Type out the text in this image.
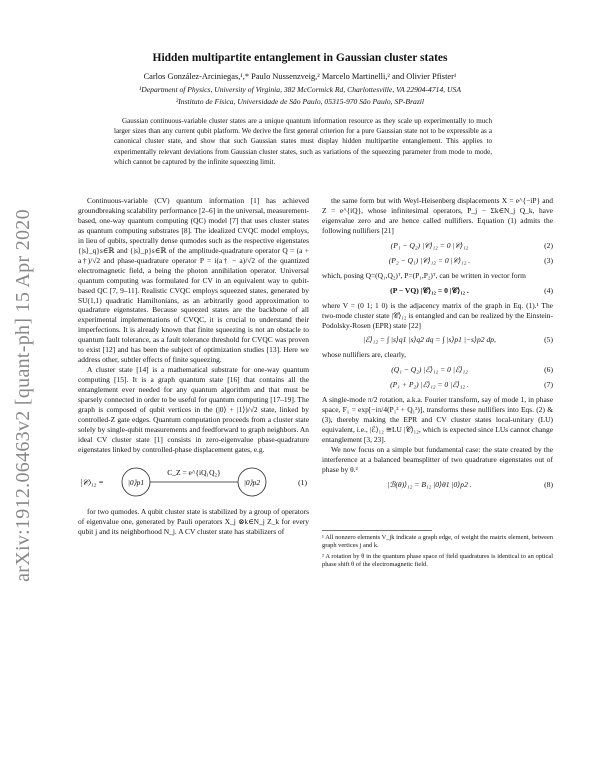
arXiv:1912.06463v2 [quant-ph] 15 Apr 2020
Hidden multipartite entanglement in Gaussian cluster states
Carlos González-Arciniegas,¹,* Paulo Nussenzveig,² Marcelo Martinelli,² and Olivier Pfister¹
¹Department of Physics, University of Virginia, 382 McCormick Rd, Charlottesville, VA 22904-4714, USA
²Instituto de Física, Universidade de São Paulo, 05315-970 São Paulo, SP-Brazil
Gaussian continuous-variable cluster states are a unique quantum information resource as they scale up experimentally to much larger sizes than any current qubit platform. We derive the first general criterion for a pure Gaussian state not to be expressible as a canonical cluster state, and show that such Gaussian states must display hidden multipartite entanglement. This applies to experimentally relevant deviations from Gaussian cluster states, such as variations of the squeezing parameter from mode to mode, which cannot be captured by the infinite squeezing limit.

Continuous-variable (CV) quantum information [1] has achieved groundbreaking scalability performance [2–6] in the universal, measurement-based, one-way quantum computing (QC) model [7] that uses cluster states as quantum computing substrates [8]. The idealized CVQC model employs, in lieu of qubits, spectrally dense qumodes such as the respective eigenstates {|s⟩_q}s∈ℝ and {|s⟩_p}s∈ℝ of the amplitude-quadrature operator Q = (a + a†)/√2 and phase-quadrature operator P = i(a† − a)/√2 of the quantized electromagnetic field, a being the photon annihilation operator. Universal quantum computing was formulated for CV in an equivalent way to qubit-based QC [7, 9–11]. Realistic CVQC employs squeezed states, generated by SU(1,1) quadratic Hamiltonians, as an arbitrarily good approximation to quadrature eigenstates. Because squeezed states are the backbone of all experimental implementations of CVQC, it is crucial to understand their imperfections. It is already known that finite squeezing is not an obstacle to quantum fault tolerance, as a fault tolerance threshold for CVQC was proven to exist [12] and has been the subject of optimization studies [13]. Here we address other, subtler effects of finite squeezing.

A cluster state [14] is a mathematical substrate for one-way quantum computing [15]. It is a graph quantum state [16] that contains all the entanglement ever needed for any quantum algorithm and that must be sparsely connected in order to be useful for quantum computing [17–19]. The graph is composed of qubit vertices in the (|0⟩ + |1⟩)/√2 state, linked by controlled-Z gate edges. Quantum computation proceeds from a cluster state solely by single-qubit measurements and feedforward to graph neighbors. An ideal CV cluster state [1] consists in zero-eigenvalue phase-quadrature eigenstates linked by controlled-phase displacement gates, e.g.

|𝒞⟩₁₂ =	|0⟩p1
C_Z = e^{iQ₁Q₂}
|0⟩p2	(1)

for two qumodes. A qubit cluster state is stabilized by a group of operators of eigenvalue one, generated by Pauli operators X_j ⊗k∈N_j Z_k for every qubit j and its neighborhood N_j. A CV cluster state has stabilizers of

the same form but with Weyl-Heisenberg displacements X = e^{−iP} and Z = e^{iQ}, whose infinitesimal operators, P_j − Σk∈N_j Q_k, have eigenvalue zero and are hence called nullifiers. Equation (1) admits the following nullifiers [21]

(P₁ − Q₂) |𝒞⟩₁₂ = 0 |𝒞⟩₁₂	(2)
(P₂ − Q₁) |𝒞⟩₁₂ = 0 |𝒞⟩₁₂ .	(3)

which, posing Q=(Q₁,Q₂)ᵀ, P=(P₁,P₂)ᵀ, can be written in vector form

(P − VQ) |𝒞⟩₁₂ = 0 |𝒞⟩₁₂ .	(4)

where V = (0 1; 1 0) is the adjacency matrix of the graph in Eq. (1).¹ The two-mode cluster state |𝒞⟩₁₂ is entangled and can be realized by the Einstein-Podolsky-Rosen (EPR) state [22]

|ℰ⟩₁₂ = ∫ |s⟩q1 |s⟩q2 dq = ∫ |s⟩p1 |−s⟩p2 dp,	(5)

whose nullifiers are, clearly,

(Q₁ − Q₂) |ℰ⟩₁₂ = 0 |ℰ⟩₁₂	(6)
(P₁ + P₂) |ℰ⟩₁₂ = 0 |ℰ⟩₁₂ .	(7)

A single-mode π/2 rotation, a.k.a. Fourier transform, say of mode 1, in phase space, F₁ = exp[−iπ/4(P₁² + Q₁²)], transforms these nullifiers into Eqs. (2) & (3), thereby making the EPR and CV cluster states local-unitary (LU) equivalent, i.e., |ℰ⟩₁₂ ≅LU |𝒞⟩₁₂, which is expected since LUs cannot change entanglement [3, 23].

We now focus on a simple but fundamental case: the state created by the interference at a balanced beamsplitter of two quadrature eigenstates out of phase by θ.²

|ℬ(θ)⟩₁₂ = B₁₂ |0⟩θ1 |0⟩p2 .	(8)
¹ All nonzero elements V_jk indicate a graph edge, of weight the matrix element, between graph vertices j and k.
² A rotation by θ in the quantum phase space of field quadratures is identical to an optical phase shift θ of the electromagnetic field.
